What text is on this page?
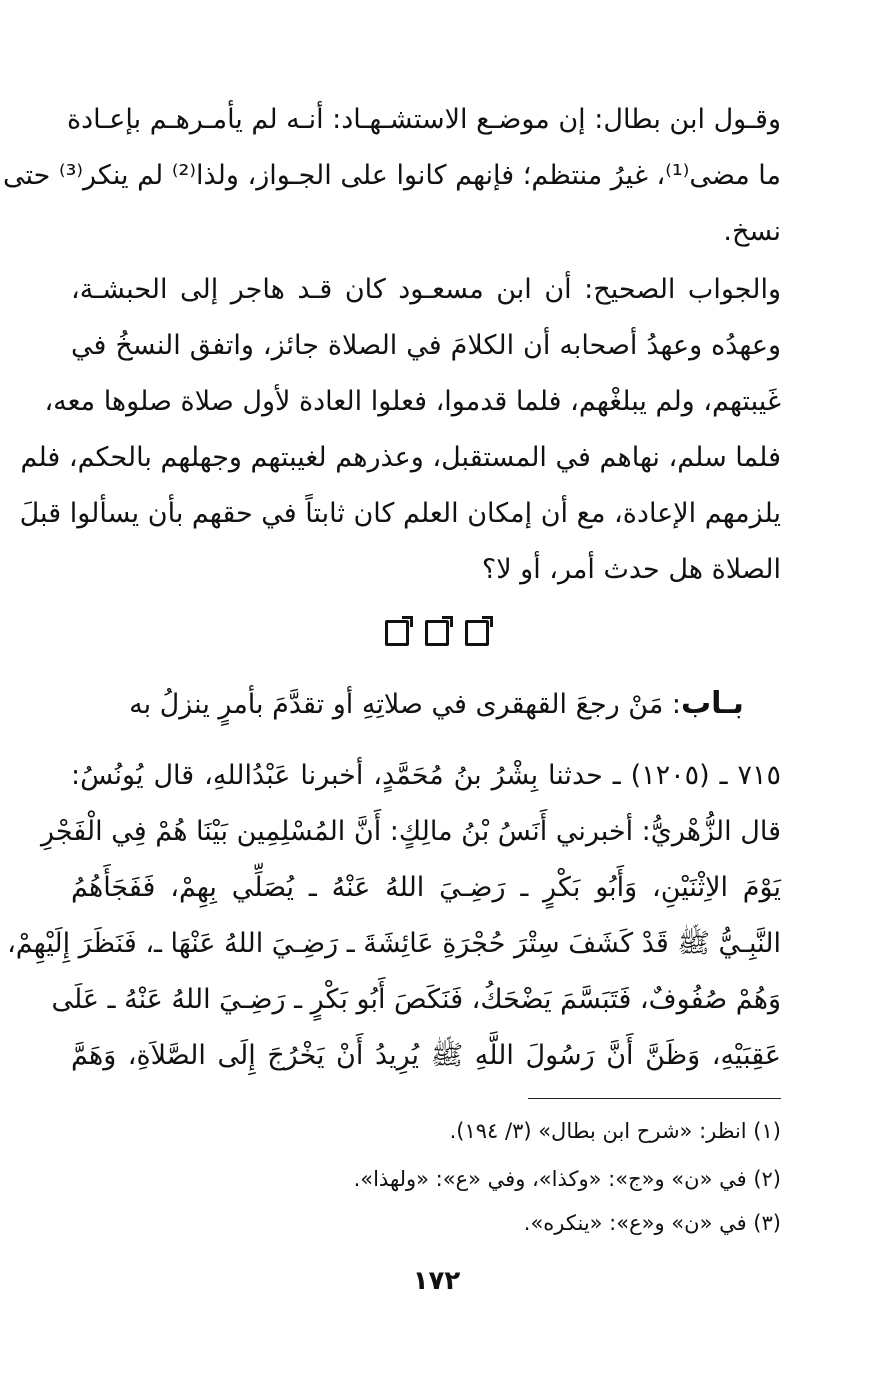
وقـول ابن بطال: إن موضـع الاستشـهـاد: أنـه لم يأمـرهـم بإعـادة
ما مضى⁽¹⁾، غيرُ منتظم؛ فإنهم كانوا على الجـواز، ولذا⁽²⁾ لم ينكر⁽³⁾ حتى
نسخ.
والجواب الصحيح: أن ابن مسعـود كان قـد هاجر إلى الحبشـة،
وعهدُه وعهدُ أصحابه أن الكلامَ في الصلاة جائز، واتفق النسخُ في
غَيبتهم، ولم يبلغْهم، فلما قدموا، فعلوا العادة لأول صلاة صلوها معه،
فلما سلم، نهاهم في المستقبل، وعذرهم لغيبتهم وجهلهم بالحكم، فلم
يلزمهم الإعادة، مع أن إمكان العلم كان ثابتاً في حقهم بأن يسألوا قبلَ
الصلاة هل حدث أمر، أو لا؟
بـاب: مَنْ رجعَ القهقرى في صلاتِهِ أو تقدَّمَ بأمرٍ ينزلُ به
٧١٥ ـ (١٢٠٥) ـ حدثنا بِشْرُ بنُ مُحَمَّدٍ، أخبرنا عَبْدُاللهِ، قال يُونُسُ:
قال الزُّهْريُّ: أخبرني أَنَسُ بْنُ مالِكٍ: أَنَّ المُسْلِمِين بَيْنَا هُمْ فِي الْفَجْرِ
يَوْمَ الاِثْنَيْنِ، وَأَبُو بَكْرٍ ـ رَضِـيَ اللهُ عَنْهُ ـ يُصَلِّي بِهِمْ، فَفَجَأَهُمُ
النَّبِـيُّ ﷺ قَدْ كَشَفَ سِتْرَ حُجْرَةِ عَائِشَةَ ـ رَضِـيَ اللهُ عَنْهَا ـ، فَنَظَرَ إِلَيْهِمْ،
وَهُمْ صُفُوفٌ، فَتَبَسَّمَ يَضْحَكُ، فَنَكَصَ أَبُو بَكْرٍ ـ رَضِـيَ اللهُ عَنْهُ ـ عَلَى
عَقِبَيْهِ، وَظَنَّ أَنَّ رَسُولَ اللَّهِ ﷺ يُرِيدُ أَنْ يَخْرُجَ إِلَى الصَّلاَةِ، وَهَمَّ
(١) انظر: «شرح ابن بطال» (٣/ ١٩٤).
(٢) في «ن» و«ج»: «وكذا»، وفي «ع»: «ولهذا».
(٣) في «ن» و«ع»: «ينكره».
١٧٢
